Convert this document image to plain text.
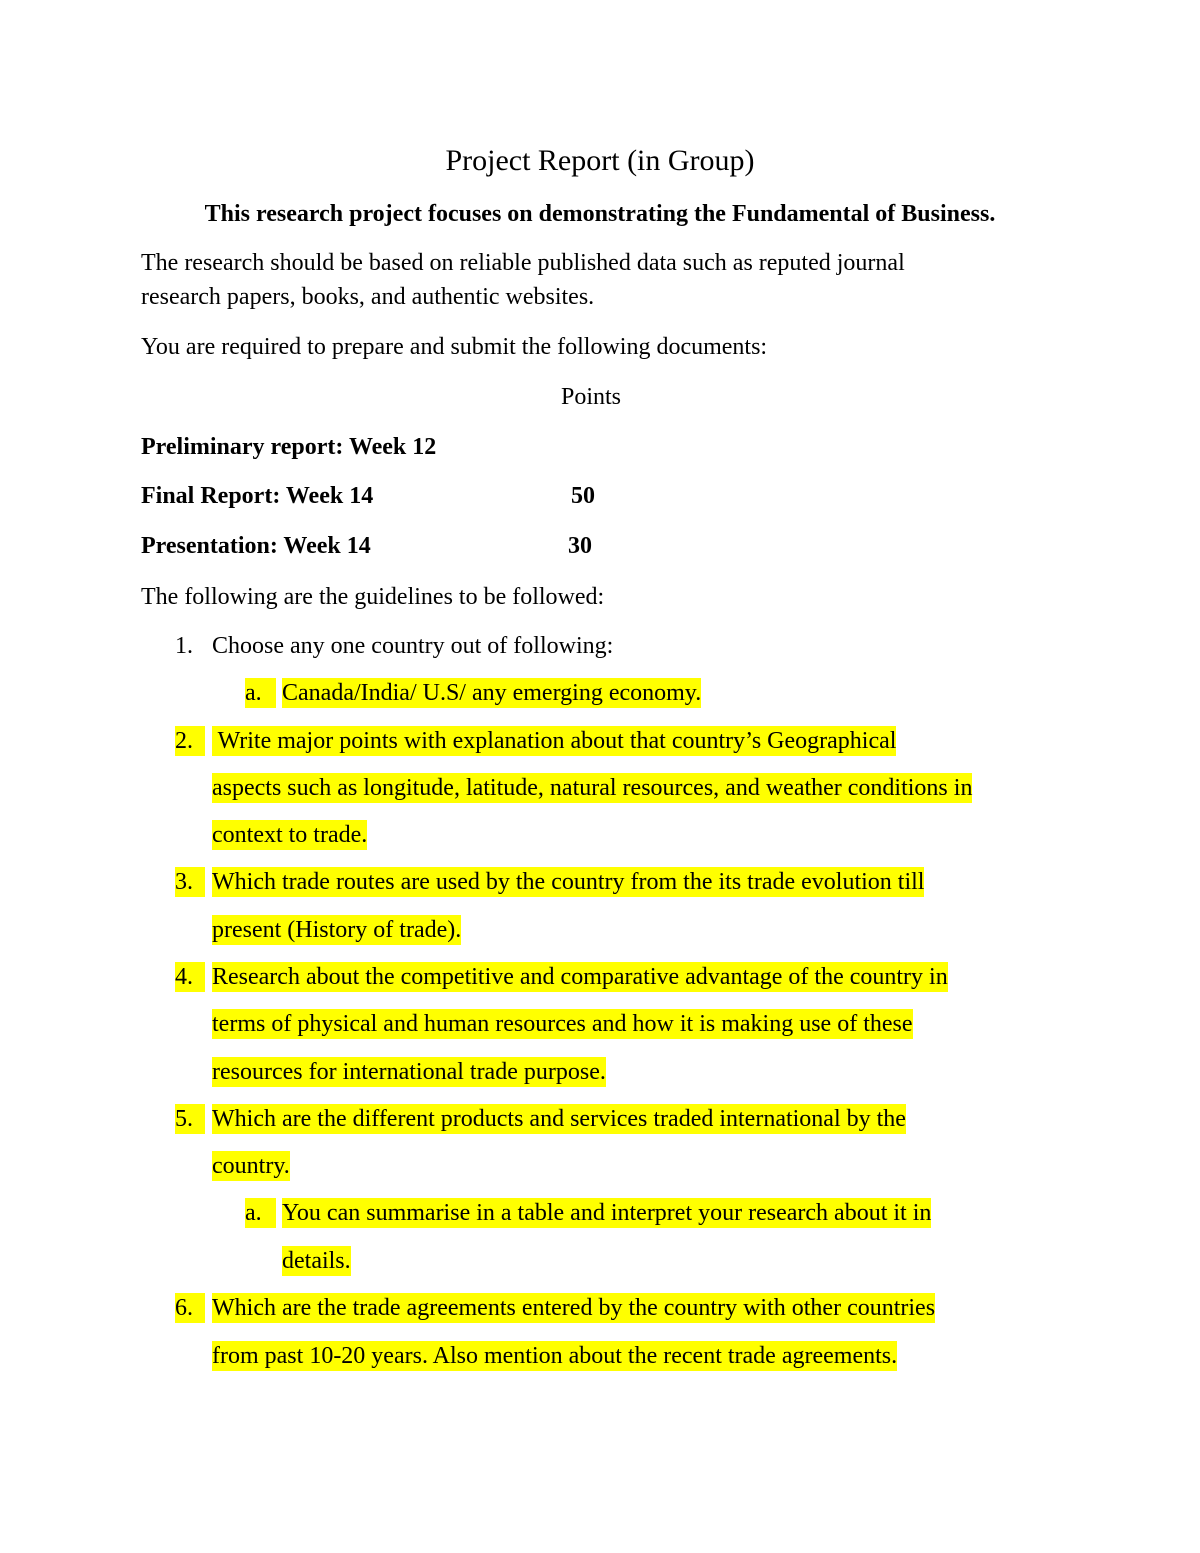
Project Report (in Group)
This research project focuses on demonstrating the Fundamental of Business.
The research should be based on reliable published data such as reputed journal
research papers, books, and authentic websites.
You are required to prepare and submit the following documents:
Points
Preliminary report: Week 12
Final Report: Week 14	50
Presentation: Week 14	30
The following are the guidelines to be followed:
1. Choose any one country out of following:
a. Canada/India/ U.S/ any emerging economy.
2. Write major points with explanation about that country’s Geographical
aspects such as longitude, latitude, natural resources, and weather conditions in
context to trade.
3. Which trade routes are used by the country from the its trade evolution till
present (History of trade).
4. Research about the competitive and comparative advantage of the country in
terms of physical and human resources and how it is making use of these
resources for international trade purpose.
5. Which are the different products and services traded international by the
country.
a. You can summarise in a table and interpret your research about it in
details.
6. Which are the trade agreements entered by the country with other countries
from past 10-20 years. Also mention about the recent trade agreements.
